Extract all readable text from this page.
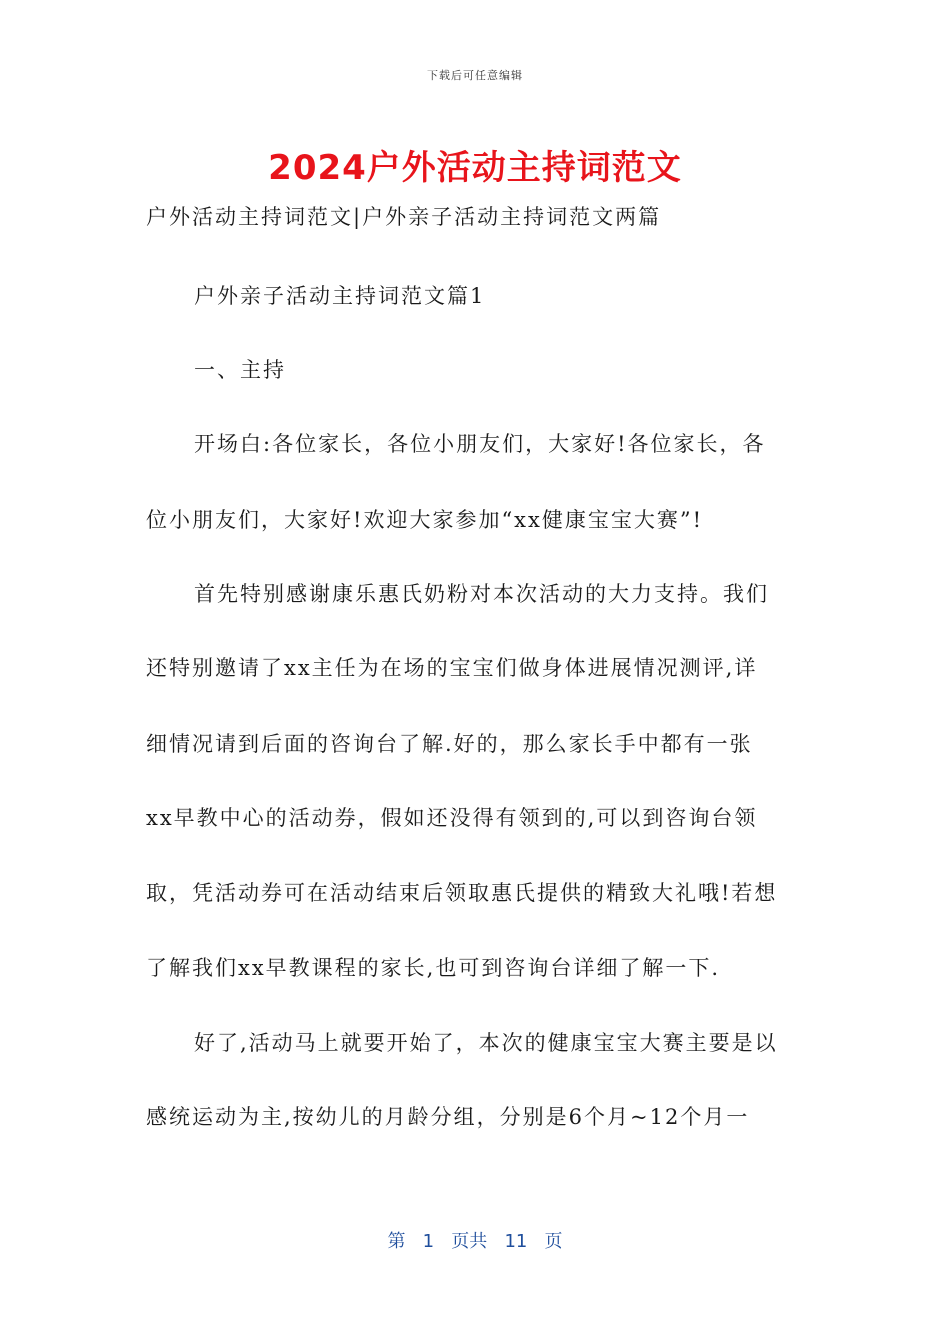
下载后可任意编辑
2024户外活动主持词范文

户外活动主持词范文|户外亲子活动主持词范文两篇

户外亲子活动主持词范文篇1

一、主持

开场白:各位家长，各位小朋友们，大家好!各位家长，各

位小朋友们，大家好!欢迎大家参加“xx健康宝宝大赛”!

首先特别感谢康乐惠氏奶粉对本次活动的大力支持。我们

还特别邀请了xx主任为在场的宝宝们做身体进展情况测评,详

细情况请到后面的咨询台了解.好的，那么家长手中都有一张

xx早教中心的活动券，假如还没得有领到的,可以到咨询台领

取，凭活动券可在活动结束后领取惠氏提供的精致大礼哦!若想

了解我们xx早教课程的家长,也可到咨询台详细了解一下.

好了,活动马上就要开始了，本次的健康宝宝大赛主要是以

感统运动为主,按幼儿的月龄分组，分别是6个月~12个月一

第 1 页共 11 页
